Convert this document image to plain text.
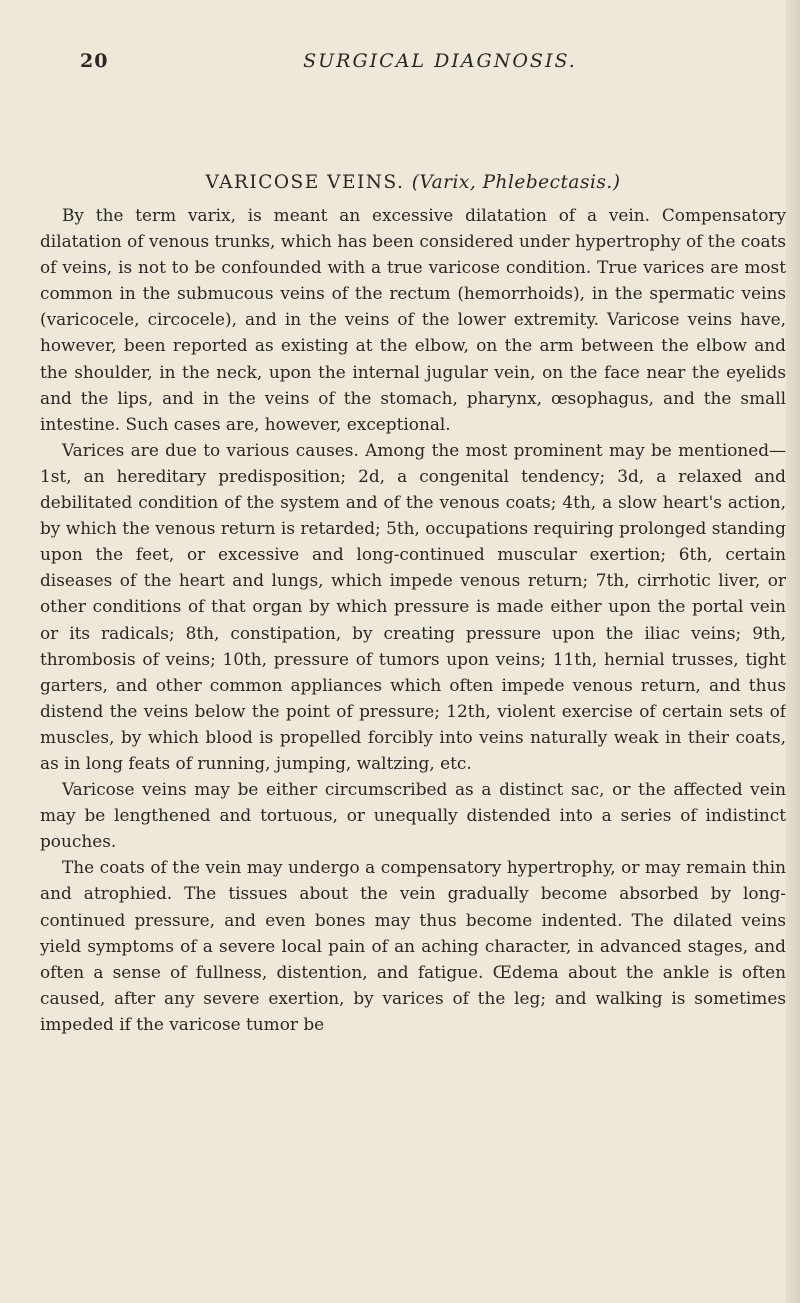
20	SURGICAL DIAGNOSIS.
VARICOSE VEINS. (Varix, Phlebectasis.)

By the term varix, is meant an excessive dilatation of a vein. Compensatory dilatation of venous trunks, which has been considered under hypertrophy of the coats of veins, is not to be confounded with a true varicose condition. True varices are most common in the submucous veins of the rectum (hemorrhoids), in the spermatic veins (varicocele, circocele), and in the veins of the lower extremity. Varicose veins have, however, been reported as existing at the elbow, on the arm between the elbow and the shoulder, in the neck, upon the internal jugular vein, on the face near the eyelids and the lips, and in the veins of the stomach, pharynx, œsophagus, and the small intestine. Such cases are, however, exceptional.

Varices are due to various causes. Among the most prominent may be mentioned—1st, an hereditary predisposition; 2d, a congenital tendency; 3d, a relaxed and debilitated condition of the system and of the venous coats; 4th, a slow heart's action, by which the venous return is retarded; 5th, occupations requiring prolonged standing upon the feet, or excessive and long-continued muscular exertion; 6th, certain diseases of the heart and lungs, which impede venous return; 7th, cirrhotic liver, or other conditions of that organ by which pressure is made either upon the portal vein or its radicals; 8th, constipation, by creating pressure upon the iliac veins; 9th, thrombosis of veins; 10th, pressure of tumors upon veins; 11th, hernial trusses, tight garters, and other common appliances which often impede venous return, and thus distend the veins below the point of pressure; 12th, violent exercise of certain sets of muscles, by which blood is propelled forcibly into veins naturally weak in their coats, as in long feats of running, jumping, waltzing, etc.

Varicose veins may be either circumscribed as a distinct sac, or the affected vein may be lengthened and tortuous, or unequally distended into a series of indistinct pouches.

The coats of the vein may undergo a compensatory hypertrophy, or may remain thin and atrophied. The tissues about the vein gradually become absorbed by long-continued pressure, and even bones may thus become indented. The dilated veins yield symptoms of a severe local pain of an aching character, in advanced stages, and often a sense of fullness, distention, and fatigue. Œdema about the ankle is often caused, after any severe exertion, by varices of the leg; and walking is sometimes impeded if the varicose tumor be
